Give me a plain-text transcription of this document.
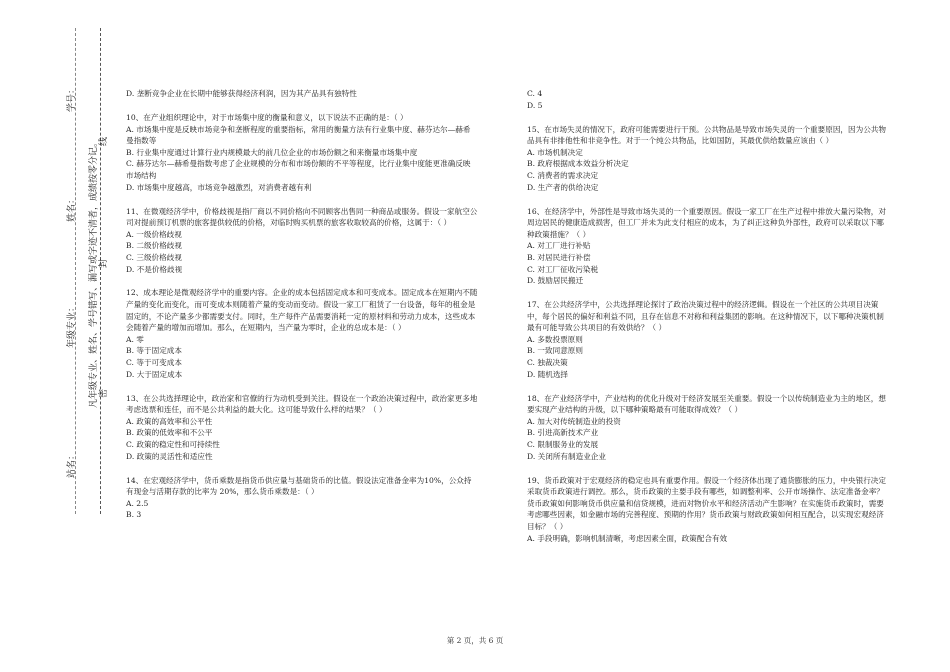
学号：
姓名：
年级专业：
站名：
凡年级专业、姓名、学号错写、漏写或字迹不清者，成绩按零分记。 线
封
密

D. 垄断竞争企业在长期中能够获得经济利润，因为其产品具有独特性

10、在产业组织理论中，对于市场集中度的衡量和意义，以下说法不正确的是：（ ）

A. 市场集中度是反映市场竞争和垄断程度的重要指标，常用的衡量方法有行业集中度、赫芬达尔—赫希曼指数等

B. 行业集中度通过计算行业内规模最大的前几位企业的市场份额之和来衡量市场集中度

C. 赫芬达尔—赫希曼指数考虑了企业规模的分布和市场份额的不平等程度，比行业集中度能更准确反映市场结构

D. 市场集中度越高，市场竞争越激烈，对消费者越有利

11、在微观经济学中，价格歧视是指厂商以不同价格向不同顾客出售同一种商品或服务。假设一家航空公司对提前预订机票的旅客提供较低的价格，对临时购买机票的旅客收取较高的价格，这属于：（ ）

A. 一级价格歧视

B. 二级价格歧视

C. 三级价格歧视

D. 不是价格歧视

12、成本理论是微观经济学中的重要内容。企业的成本包括固定成本和可变成本。固定成本在短期内不随产量的变化而变化，而可变成本则随着产量的变动而变动。假设一家工厂租赁了一台设备，每年的租金是固定的，不论产量多少都需要支付。同时，生产每件产品需要消耗一定的原材料和劳动力成本，这些成本会随着产量的增加而增加。那么，在短期内，当产量为零时，企业的总成本是：（ ）

A. 零

B. 等于固定成本

C. 等于可变成本

D. 大于固定成本

13、在公共选择理论中，政治家和官僚的行为动机受到关注。假设在一个政治决策过程中，政治家更多地考虑选票和连任，而不是公共利益的最大化。这可能导致什么样的结果？（ ）

A. 政策的高效率和公平性

B. 政策的低效率和不公平

C. 政策的稳定性和可持续性

D. 政策的灵活性和适应性

14、在宏观经济学中，货币乘数是指货币供应量与基础货币的比值。假设法定准备金率为10%，公众持有现金与活期存款的比率为 20%，那么货币乘数是：（ ）

A. 2.5

B. 3

C. 4

D. 5

15、在市场失灵的情况下，政府可能需要进行干预。公共物品是导致市场失灵的一个重要原因，因为公共物品具有非排他性和非竞争性。对于一个纯公共物品，比如国防，其最优供给数量应该由（ ）

A. 市场机制决定

B. 政府根据成本效益分析决定

C. 消费者的需求决定

D. 生产者的供给决定

16、在经济学中，外部性是导致市场失灵的一个重要原因。假设一家工厂在生产过程中排放大量污染物，对周边居民的健康造成损害，但工厂并未为此支付相应的成本，为了纠正这种负外部性，政府可以采取以下哪种政策措施？（ ）

A. 对工厂进行补贴

B. 对居民进行补偿

C. 对工厂征收污染税

D. 鼓励居民搬迁

17、在公共经济学中，公共选择理论探讨了政治决策过程中的经济逻辑。假设在一个社区的公共项目决策中，每个居民的偏好和利益不同，且存在信息不对称和利益集团的影响。在这种情况下，以下哪种决策机制最有可能导致公共项目的有效供给？（ ）

A. 多数投票原则

B. 一致同意原则

C. 独裁决策

D. 随机选择

18、在产业经济学中，产业结构的优化升级对于经济发展至关重要。假设一个以传统制造业为主的地区，想要实现产业结构的升级，以下哪种策略最有可能取得成效？（ ）

A. 加大对传统制造业的投资

B. 引进高新技术产业

C. 限制服务业的发展

D. 关闭所有制造业企业

19、货币政策对于宏观经济的稳定也具有重要作用。假设一个经济体出现了通货膨胀的压力，中央银行决定采取货币政策进行调控。那么，货币政策的主要手段有哪些，如调整利率、公开市场操作、法定准备金率？货币政策如何影响货币供应量和信贷规模，进而对物价水平和经济活动产生影响？在实施货币政策时，需要考虑哪些因素，如金融市场的完善程度、预期的作用？货币政策与财政政策如何相互配合，以实现宏观经济目标？（ ）

A. 手段明确，影响机制清晰，考虑因素全面，政策配合有效

第 2 页，共 6 页
